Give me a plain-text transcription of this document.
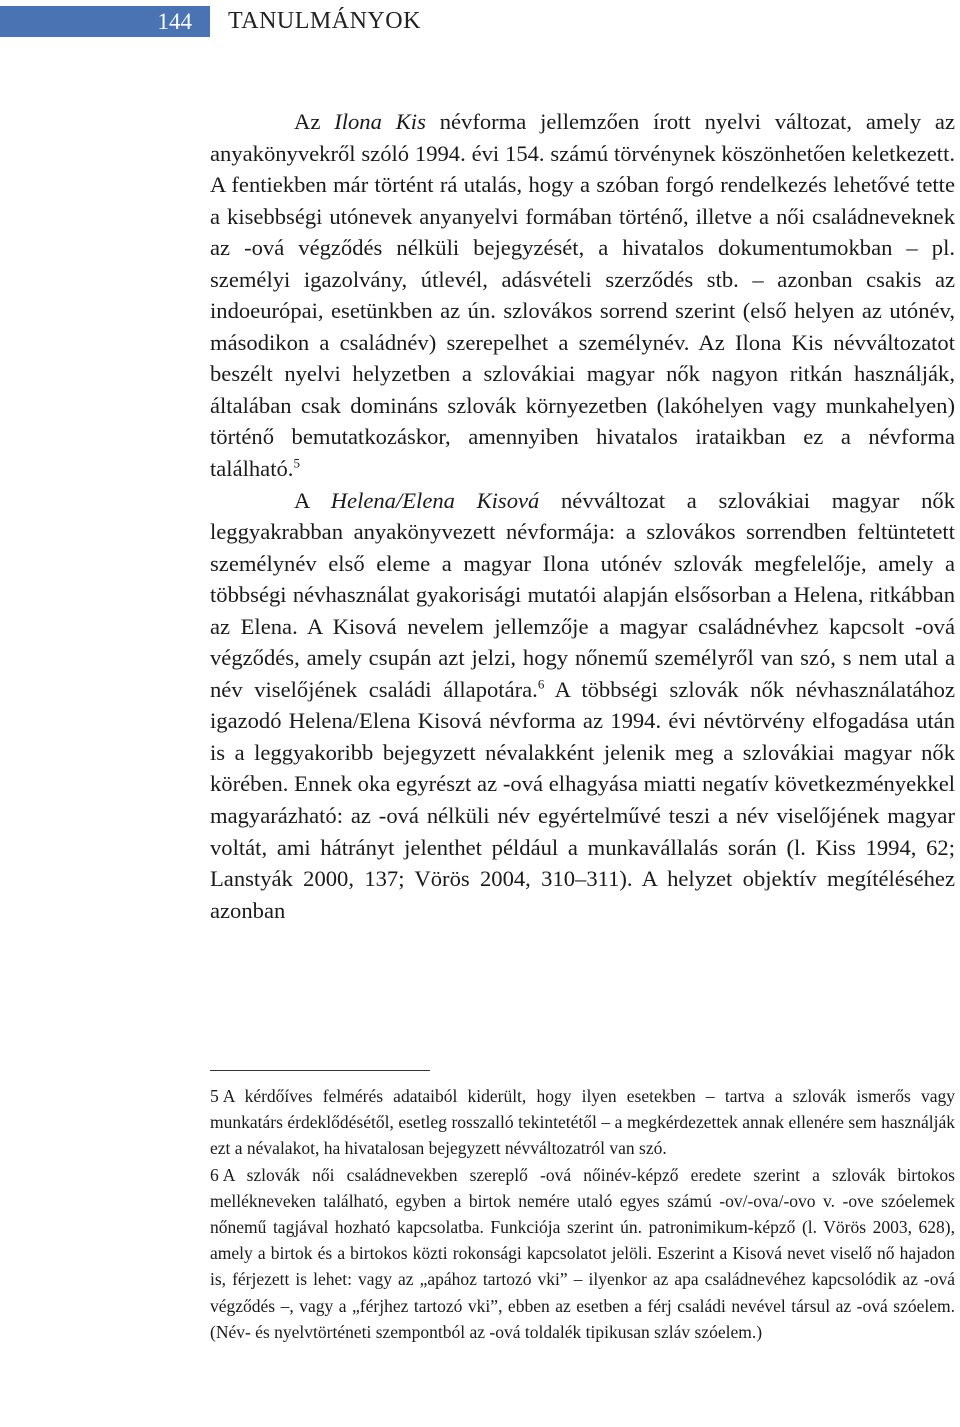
144	TANULMÁNYOK

Az Ilona Kis névforma jellemzően írott nyelvi változat, amely az anyakönyvekről szóló 1994. évi 154. számú törvénynek köszönhetően keletkezett. A fentiekben már történt rá utalás, hogy a szóban forgó rendelkezés lehetővé tette a kisebbségi utónevek anyanyelvi formában történő, illetve a női családneveknek az -ová végződés nélküli bejegyzését, a hivatalos dokumentumokban – pl. személyi igazolvány, útlevél, adásvételi szerződés stb. – azonban csakis az indoeurópai, esetünkben az ún. szlovákos sorrend szerint (első helyen az utónév, másodikon a családnév) szerepelhet a személynév. Az Ilona Kis névváltozatot beszélt nyelvi helyzetben a szlovákiai magyar nők nagyon ritkán használják, általában csak domináns szlovák környezetben (lakóhelyen vagy munkahelyen) történő bemutatkozáskor, amennyiben hivatalos irataikban ez a névforma található.$^5$

A Helena/Elena Kisová névváltozat a szlovákiai magyar nők leggyakrabban anyakönyvezett névformája: a szlovákos sorrendben feltüntetett személynév első eleme a magyar Ilona utónév szlovák megfelelője, amely a többségi névhasználat gyakorisági mutatói alapján elsősorban a Helena, ritkábban az Elena. A Kisová nevelem jellemzője a magyar családnévhez kapcsolt -ová végződés, amely csupán azt jelzi, hogy nőnemű személyről van szó, s nem utal a név viselőjének családi állapotára.$^6$ A többségi szlovák nők névhasználatához igazodó Helena/Elena Kisová névforma az 1994. évi névtörvény elfogadása után is a leggyakoribb bejegyzett névalakként jelenik meg a szlovákiai magyar nők körében. Ennek oka egyrészt az -ová elhagyása miatti negatív következményekkel magyarázható: az -ová nélküli név egyértelművé teszi a név viselőjének magyar voltát, ami hátrányt jelenthet például a munkavállalás során (l. Kiss 1994, 62; Lanstyák 2000, 137; Vörös 2004, 310–311). A helyzet objektív megítéléséhez azonban

5 A kérdőíves felmérés adataiból kiderült, hogy ilyen esetekben – tartva a szlovák ismerős vagy munkatárs érdeklődésétől, esetleg rosszalló tekintetétől – a megkérdezettek annak ellenére sem használják ezt a névalakot, ha hivatalosan bejegyzett névváltozatról van szó.

6 A szlovák női családnevekben szereplő -ová nőinév-képző eredete szerint a szlovák birtokos mellékneveken található, egyben a birtok nemére utaló egyes számú -ov/-ova/-ovo v. -ove szóelemek nőnemű tagjával hozható kapcsolatba. Funkciója szerint ún. patronimikum-képző (l. Vörös 2003, 628), amely a birtok és a birtokos közti rokonsági kapcsolatot jelöli. Eszerint a Kisová nevet viselő nő hajadon is, férjezett is lehet: vagy az „apához tartozó vki” – ilyenkor az apa családnevéhez kapcsolódik az -ová végződés –, vagy a „férjhez tartozó vki”, ebben az esetben a férj családi nevével társul az -ová szóelem. (Név- és nyelvtörténeti szempontból az -ová toldalék tipikusan szláv szóelem.)
